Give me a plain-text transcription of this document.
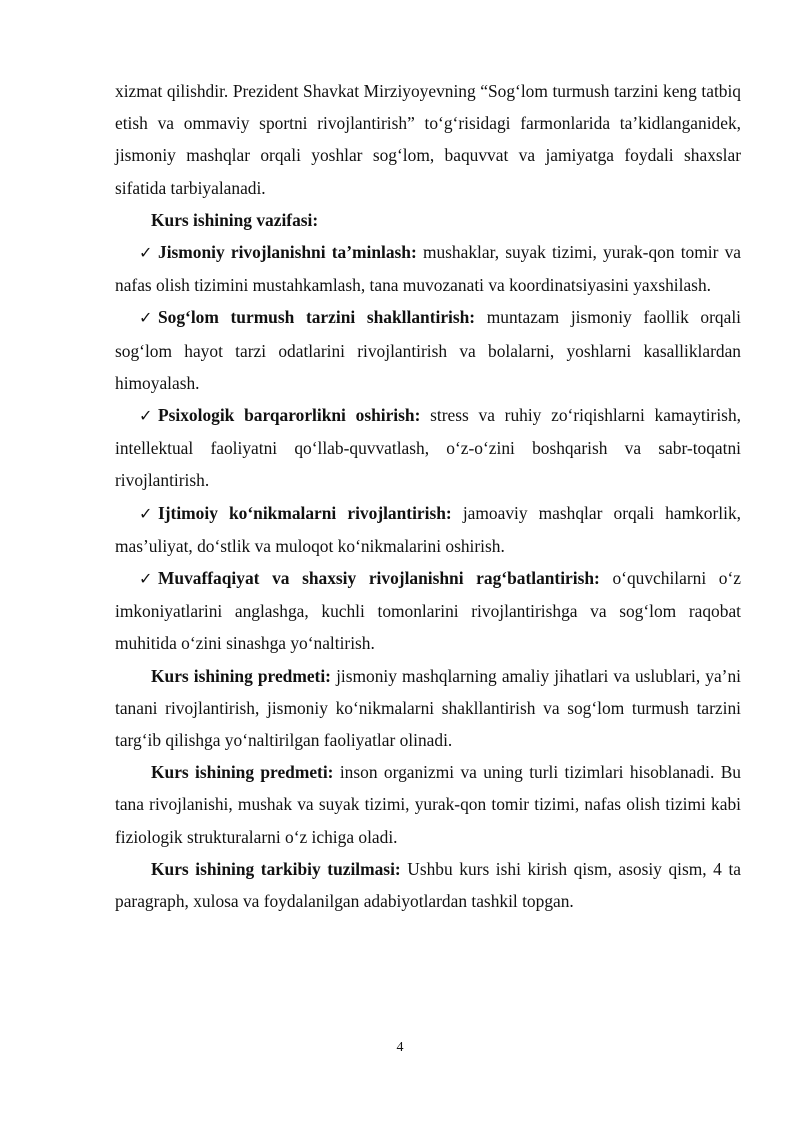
xizmat qilishdir. Prezident Shavkat Mirziyoyevning “Sog‘lom turmush tarzini keng tatbiq etish va ommaviy sportni rivojlantirish” to‘g‘risidagi farmonlarida ta’kidlanganidek, jismoniy mashqlar orqali yoshlar sog‘lom, baquvvat va jamiyatga foydali shaxslar sifatida tarbiyalanadi.

Kurs ishining vazifasi:

✓ Jismoniy rivojlanishni ta’minlash: mushaklar, suyak tizimi, yurak-qon tomir va nafas olish tizimini mustahkamlash, tana muvozanati va koordinatsiyasini yaxshilash.

✓ Sog‘lom turmush tarzini shakllantirish: muntazam jismoniy faollik orqali sog‘lom hayot tarzi odatlarini rivojlantirish va bolalarni, yoshlarni kasalliklardan himoyalash.

✓ Psixologik barqarorlikni oshirish: stress va ruhiy zo‘riqishlarni kamaytirish, intellektual faoliyatni qo‘llab-quvvatlash, o‘z-o‘zini boshqarish va sabr-toqatni rivojlantirish.

✓ Ijtimoiy ko‘nikmalarni rivojlantirish: jamoaviy mashqlar orqali hamkorlik, mas’uliyat, do‘stlik va muloqot ko‘nikmalarini oshirish.

✓ Muvaffaqiyat va shaxsiy rivojlanishni rag‘batlantirish: o‘quvchilarni o‘z imkoniyatlarini anglashga, kuchli tomonlarini rivojlantirishga va sog‘lom raqobat muhitida o‘zini sinashga yo‘naltirish.

Kurs ishining predmeti: jismoniy mashqlarning amaliy jihatlari va uslublari, ya’ni tanani rivojlantirish, jismoniy ko‘nikmalarni shakllantirish va sog‘lom turmush tarzini targ‘ib qilishga yo‘naltirilgan faoliyatlar olinadi.

Kurs ishining predmeti: inson organizmi va uning turli tizimlari hisoblanadi. Bu tana rivojlanishi, mushak va suyak tizimi, yurak-qon tomir tizimi, nafas olish tizimi kabi fiziologik strukturalarni o‘z ichiga oladi.

Kurs ishining tarkibiy tuzilmasi: Ushbu kurs ishi kirish qism, asosiy qism, 4 ta paragraph, xulosa va foydalanilgan adabiyotlardan tashkil topgan.

4
